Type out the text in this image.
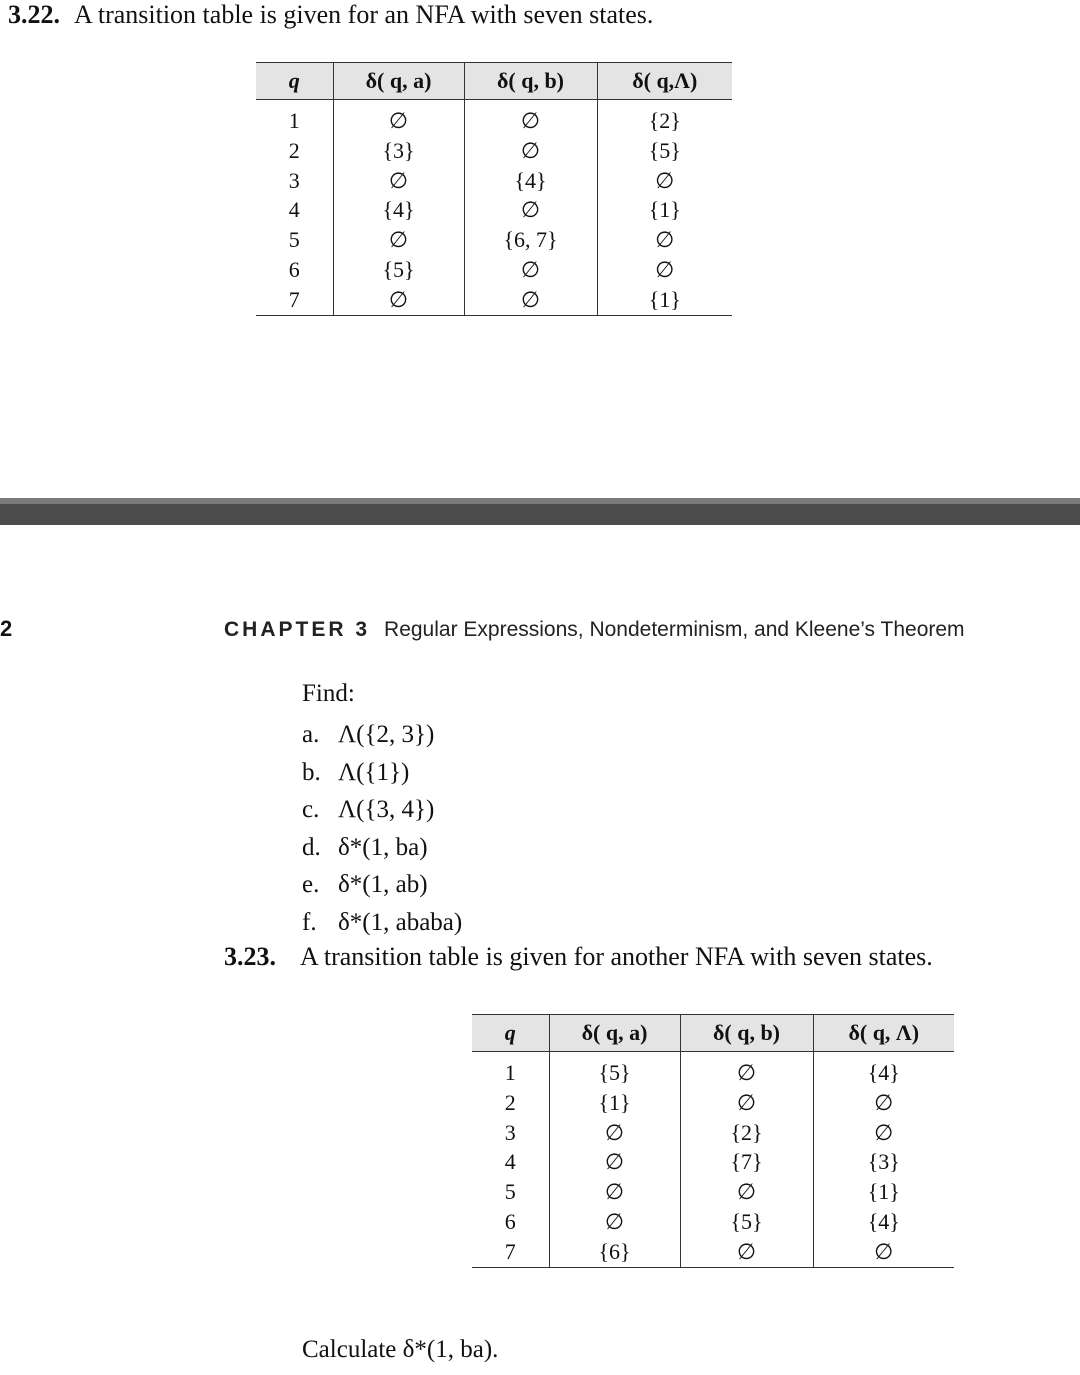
3.22. A transition table is given for an NFA with seven states.
q	δ( q, a)	δ( q, b)	δ( q,Λ)
1	∅	∅	{2}
2	{3}	∅	{5}
3	∅	{4}	∅
4	{4}	∅	{1}
5	∅	{6, 7}	∅
6	{5}	∅	∅
7	∅	∅	{1}
2	CHAPTER 3 Regular Expressions, Nondeterminism, and Kleene’s Theorem
Find:
a. Λ({2, 3})
b. Λ({1})
c. Λ({3, 4})
d. δ*(1, ba)
e. δ*(1, ab)
f. δ*(1, ababa)
3.23. A transition table is given for another NFA with seven states.
q	δ( q, a)	δ( q, b)	δ( q, Λ)
1	{5}	∅	{4}
2	{1}	∅	∅
3	∅	{2}	∅
4	∅	{7}	{3}
5	∅	∅	{1}
6	∅	{5}	{4}
7	{6}	∅	∅
Calculate δ*(1, ba).
